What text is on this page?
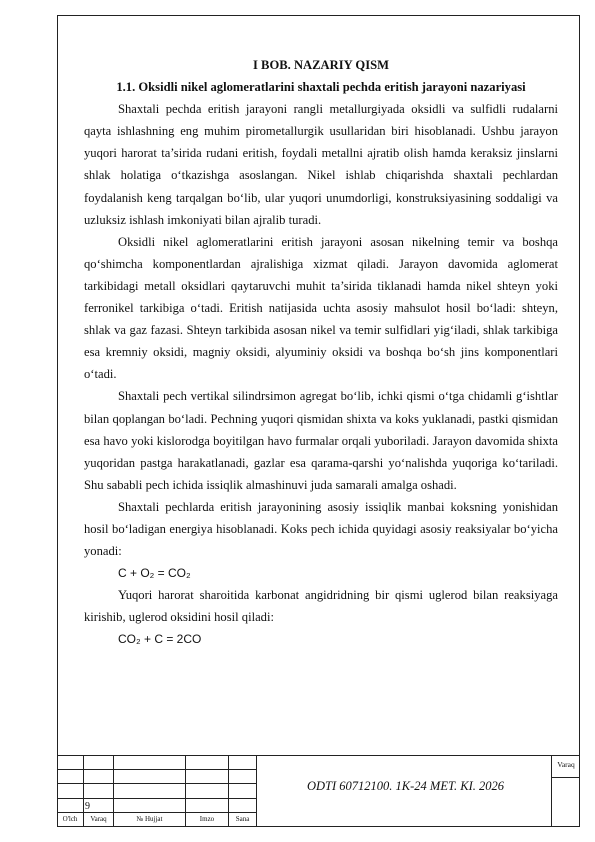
I BOB. NAZARIY QISM

1.1. Oksidli nikel aglomeratlarini shaxtali pechda eritish jarayoni nazariyasi

Shaxtali pechda eritish jarayoni rangli metallurgiyada oksidli va sulfidli rudalarni qayta ishlashning eng muhim pirometallurgik usullaridan biri hisoblanadi. Ushbu jarayon yuqori harorat ta’sirida rudani eritish, foydali metallni ajratib olish hamda keraksiz jinslarni shlak holatiga o‘tkazishga asoslangan. Nikel ishlab chiqarishda shaxtali pechlardan foydalanish keng tarqalgan bo‘lib, ular yuqori unumdorligi, konstruksiyasining soddaligi va uzluksiz ishlash imkoniyati bilan ajralib turadi.

Oksidli nikel aglomeratlarini eritish jarayoni asosan nikelning temir va boshqa qo‘shimcha komponentlardan ajralishiga xizmat qiladi. Jarayon davomida aglomerat tarkibidagi metall oksidlari qaytaruvchi muhit ta’sirida tiklanadi hamda nikel shteyn yoki ferronikel tarkibiga o‘tadi. Eritish natijasida uchta asosiy mahsulot hosil bo‘ladi: shteyn, shlak va gaz fazasi. Shteyn tarkibida asosan nikel va temir sulfidlari yig‘iladi, shlak tarkibiga esa kremniy oksidi, magniy oksidi, alyuminiy oksidi va boshqa bo‘sh jins komponentlari o‘tadi.

Shaxtali pech vertikal silindrsimon agregat bo‘lib, ichki qismi o‘tga chidamli g‘ishtlar bilan qoplangan bo‘ladi. Pechning yuqori qismidan shixta va koks yuklanadi, pastki qismidan esa havo yoki kislorodga boyitilgan havo furmalar orqali yuboriladi. Jarayon davomida shixta yuqoridan pastga harakatlanadi, gazlar esa qarama-qarshi yo‘nalishda yuqoriga ko‘tariladi. Shu sababli pech ichida issiqlik almashinuvi juda samarali amalga oshadi.

Shaxtali pechlarda eritish jarayonining asosiy issiqlik manbai koksning yonishidan hosil bo‘ladigan energiya hisoblanadi. Koks pech ichida quyidagi asosiy reaksiyalar bo‘yicha yonadi:

C + O₂ = CO₂

Yuqori harorat sharoitida karbonat angidridning bir qismi uglerod bilan reaksiyaga kirishib, uglerod oksidini hosil qiladi:

CO₂ + C = 2CO

9
O'lch	Varaq	№ Hujjat	Imzo	Sana
ODTI 60712100. 1K-24 MET. KI. 2026
Varaq
